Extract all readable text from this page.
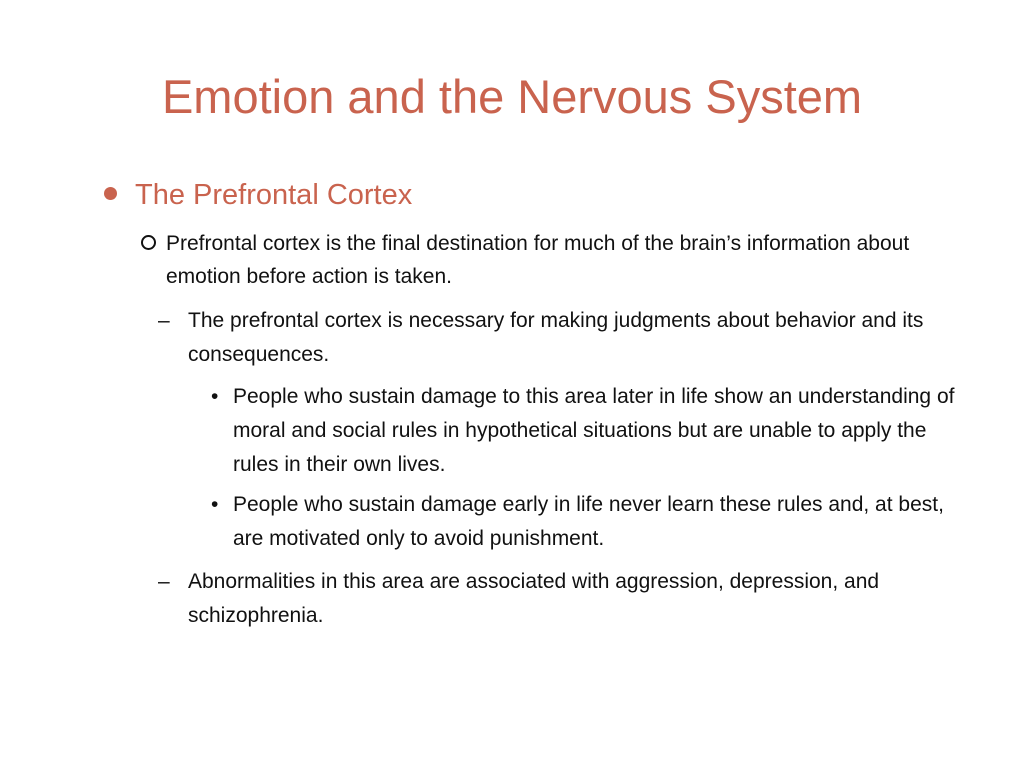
Emotion and the Nervous System
The Prefrontal Cortex
Prefrontal cortex is the final destination for much of the brain’s information about emotion before action is taken.
– The prefrontal cortex is necessary for making judgments about behavior and its consequences.
• People who sustain damage to this area later in life show an understanding of moral and social rules in hypothetical situations but are unable to apply the rules in their own lives.
• People who sustain damage early in life never learn these rules and, at best, are motivated only to avoid punishment.
– Abnormalities in this area are associated with aggression, depression, and schizophrenia.
